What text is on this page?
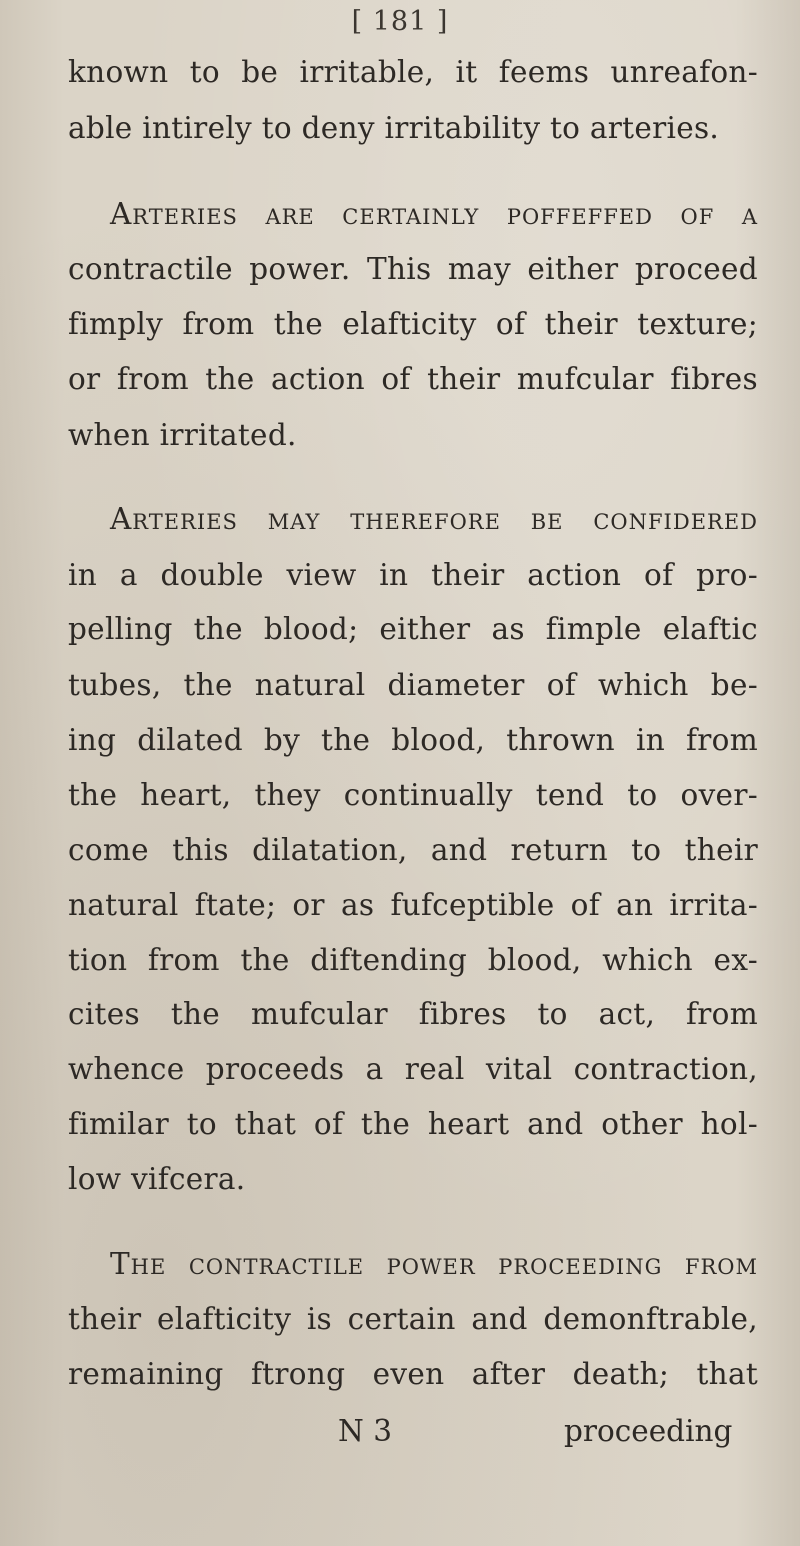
[ 181 ]
known to be irritable, it feems unreafon-
able intirely to deny irritability to arteries.
Arteries are certainly poffeffed of a
contractile power. This may either proceed
fimply from the elafticity of their texture;
or from the action of their mufcular fibres
when irritated.
Arteries may therefore be confidered
in a double view in their action of pro-
pelling the blood; either as fimple elaftic
tubes, the natural diameter of which be-
ing dilated by the blood, thrown in from
the heart, they continually tend to over-
come this dilatation, and return to their
natural ftate; or as fufceptible of an irrita-
tion from the diftending blood, which ex-
cites the mufcular fibres to act, from
whence proceeds a real vital contraction,
fimilar to that of the heart and other hol-
low vifcera.
The contractile power proceeding from
their elafticity is certain and demonftrable,
remaining ftrong even after death; that
N 3	proceeding
